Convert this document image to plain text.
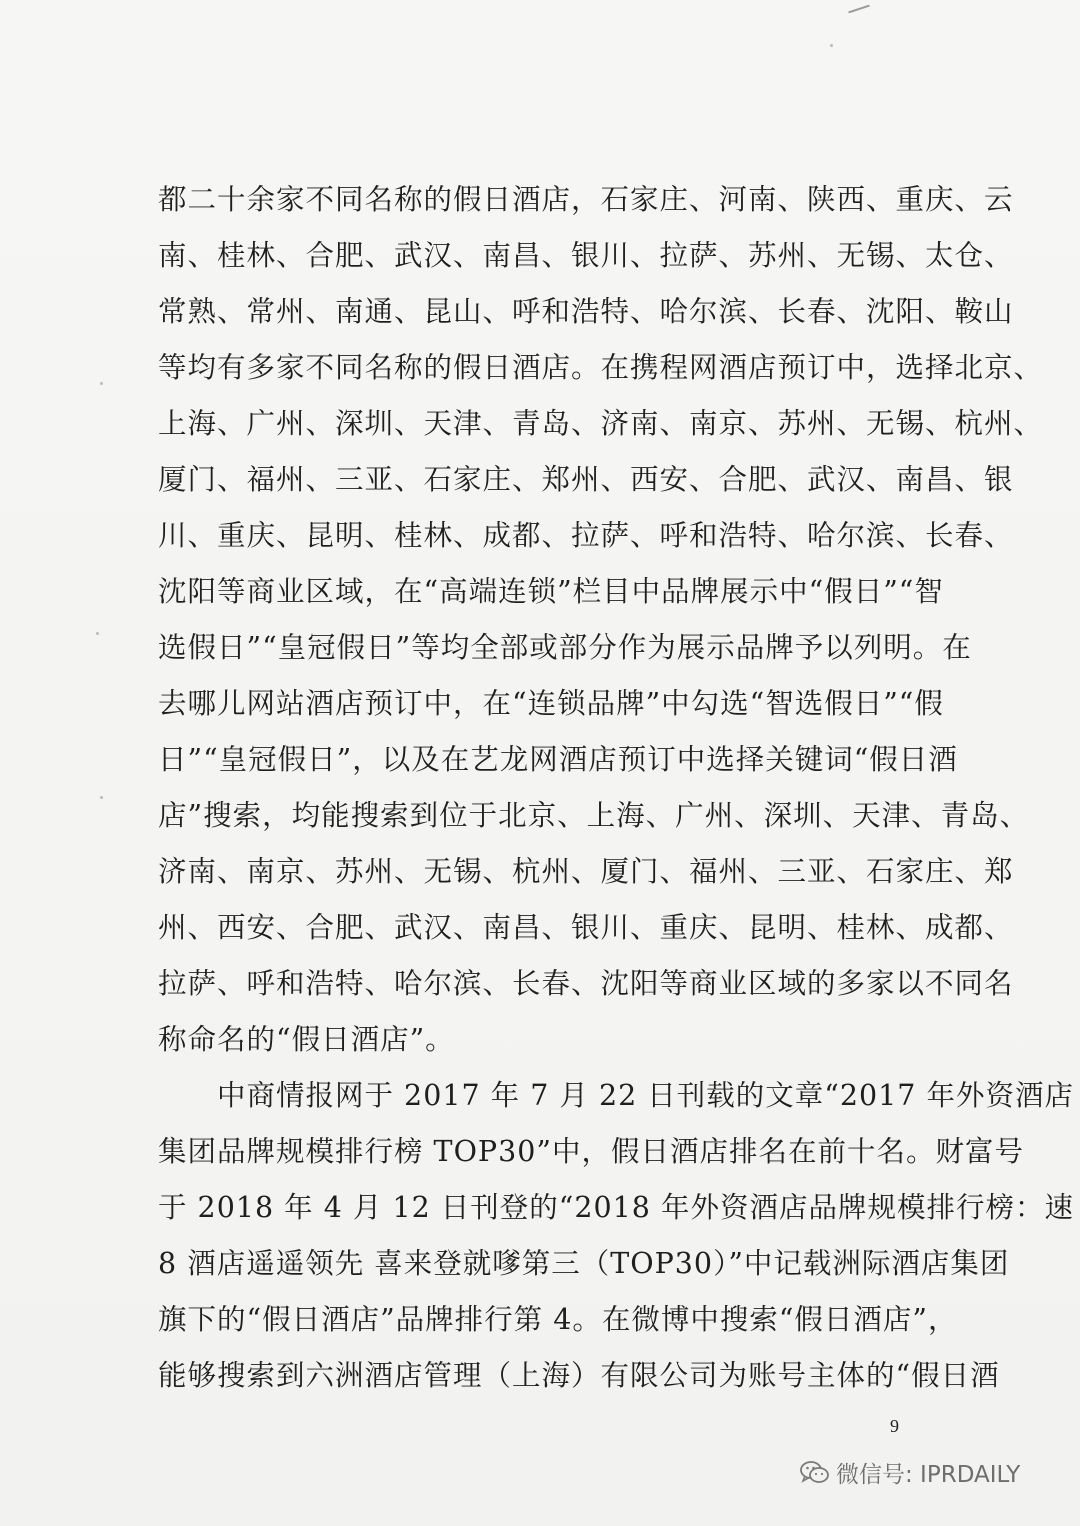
都二十余家不同名称的假日酒店，石家庄、河南、陕西、重庆、云
南、桂林、合肥、武汉、南昌、银川、拉萨、苏州、无锡、太仓、
常熟、常州、南通、昆山、呼和浩特、哈尔滨、长春、沈阳、鞍山
等均有多家不同名称的假日酒店。在携程网酒店预订中，选择北京、
上海、广州、深圳、天津、青岛、济南、南京、苏州、无锡、杭州、
厦门、福州、三亚、石家庄、郑州、西安、合肥、武汉、南昌、银
川、重庆、昆明、桂林、成都、拉萨、呼和浩特、哈尔滨、长春、
沈阳等商业区域，在“高端连锁”栏目中品牌展示中“假日”“智
选假日”“皇冠假日”等均全部或部分作为展示品牌予以列明。在
去哪儿网站酒店预订中，在“连锁品牌”中勾选“智选假日”“假
日”“皇冠假日”，以及在艺龙网酒店预订中选择关键词“假日酒
店”搜索，均能搜索到位于北京、上海、广州、深圳、天津、青岛、
济南、南京、苏州、无锡、杭州、厦门、福州、三亚、石家庄、郑
州、西安、合肥、武汉、南昌、银川、重庆、昆明、桂林、成都、
拉萨、呼和浩特、哈尔滨、长春、沈阳等商业区域的多家以不同名
称命名的“假日酒店”。
　　中商情报网于 2017 年 7 月 22 日刊载的文章“2017 年外资酒店
集团品牌规模排行榜 TOP30”中，假日酒店排名在前十名。财富号
于 2018 年 4 月 12 日刊登的“2018 年外资酒店品牌规模排行榜：速
8 酒店遥遥领先 喜来登就嗲第三（TOP30）”中记载洲际酒店集团
旗下的“假日酒店”品牌排行第 4。在微博中搜索“假日酒店”，
能够搜索到六洲酒店管理（上海）有限公司为账号主体的“假日酒
9
微信号: IPRDAILY
